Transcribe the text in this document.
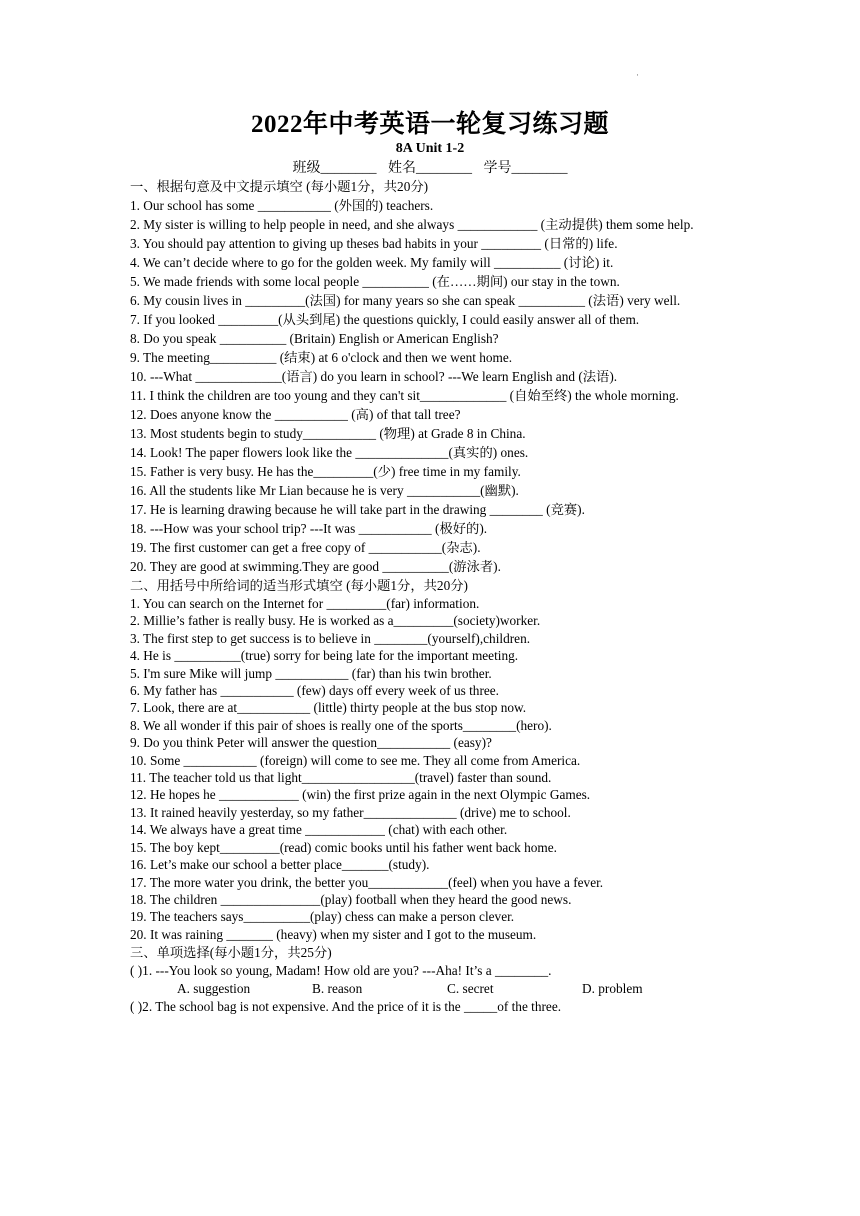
·
2022年中考英语一轮复习练习题
8A Unit 1-2
班级________ 姓名________ 学号________
一、根据句意及中文提示填空 (每小题1分，共20分)
1. Our school has some ___________ (外国的) teachers.
2. My sister is willing to help people in need, and she always ____________ (主动提供) them some help.
3. You should pay attention to giving up theses bad habits in your _________ (日常的) life.
4. We can’t decide where to go for the golden week. My family will __________ (讨论) it.
5. We made friends with some local people __________ (在……期间) our stay in the town.
6. My cousin lives in _________(法国) for many years so she can speak __________ (法语) very well.
7. If you looked _________(从头到尾) the questions quickly, I could easily answer all of them.
8. Do you speak __________ (Britain) English or American English?
9. The meeting__________ (结束) at 6 o'clock and then we went home.
10. ---What _____________(语言) do you learn in school? ---We learn English and (法语).
11. I think the children are too young and they can't sit_____________ (自始至终) the whole morning.
12. Does anyone know the ___________ (高) of that tall tree?
13. Most students begin to study___________ (物理) at Grade 8 in China.
14. Look! The paper flowers look like the ______________(真实的) ones.
15. Father is very busy. He has the_________(少) free time in my family.
16. All the students like Mr Lian because he is very ___________(幽默).
17. He is learning drawing because he will take part in the drawing ________ (竞赛).
18. ---How was your school trip? ---It was ___________ (极好的).
19. The first customer can get a free copy of ___________(杂志).
20. They are good at swimming.They are good __________(游泳者).
二、用括号中所给词的适当形式填空 (每小题1分，共20分)
1. You can search on the Internet for _________(far) information.
2. Millie’s father is really busy. He is worked as a_________(society)worker.
3. The first step to get success is to believe in ________(yourself),children.
4. He is __________(true) sorry for being late for the important meeting.
5. I'm sure Mike will jump ___________ (far) than his twin brother.
6. My father has ___________ (few) days off every week of us three.
7. Look, there are at___________ (little) thirty people at the bus stop now.
8. We all wonder if this pair of shoes is really one of the sports________(hero).
9. Do you think Peter will answer the question___________ (easy)?
10. Some ___________ (foreign) will come to see me. They all come from America.
11. The teacher told us that light_________________(travel) faster than sound.
12. He hopes he ____________ (win) the first prize again in the next Olympic Games.
13. It rained heavily yesterday, so my father______________ (drive) me to school.
14. We always have a great time ____________ (chat) with each other.
15. The boy kept_________(read) comic books until his father went back home.
16. Let’s make our school a better place_______(study).
17. The more water you drink, the better you____________(feel) when you have a fever.
18. The children _______________(play) football when they heard the good news.
19. The teachers says__________(play) chess can make a person clever.
20. It was raining _______ (heavy) when my sister and I got to the museum.
三、单项选择(每小题1分，共25分)
( )1. ---You look so young, Madam! How old are you? ---Aha! It’s a ________.
A. suggestion	B. reason	C. secret	D. problem
( )2. The school bag is not expensive. And the price of it is the _____of the three.
